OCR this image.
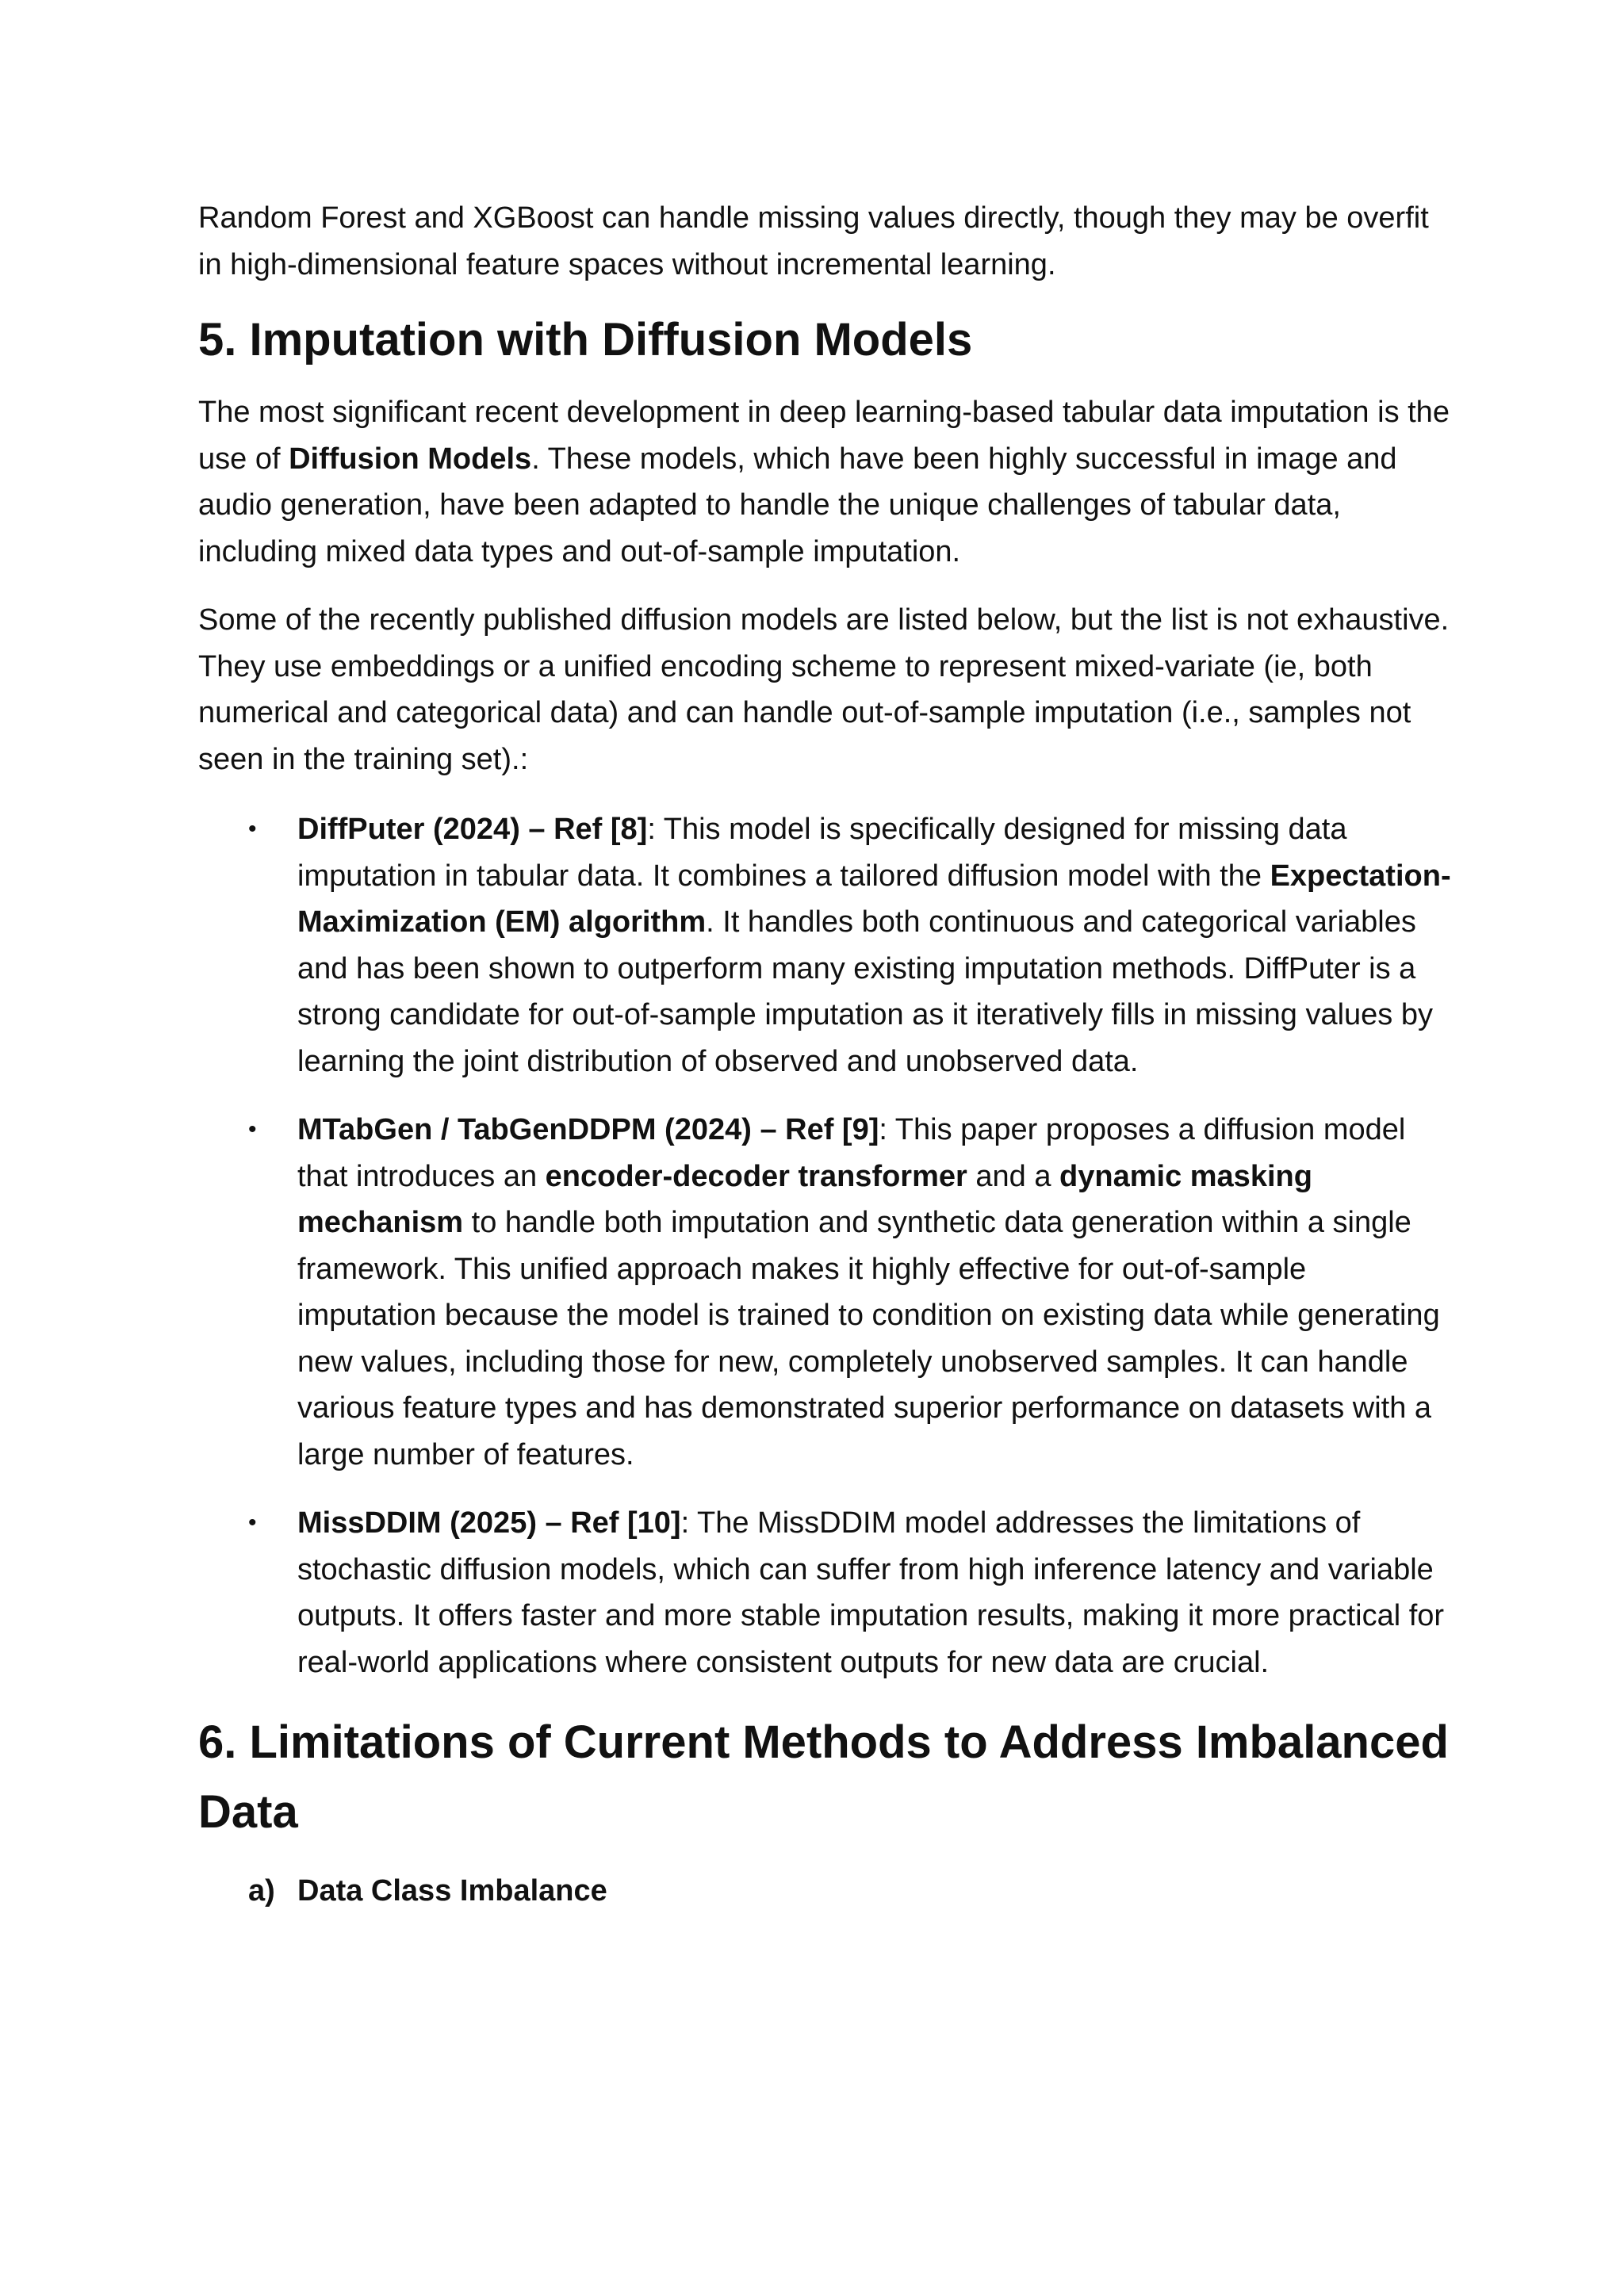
Random Forest and XGBoost can handle missing values directly, though they may be overfit in high-dimensional feature spaces without incremental learning.

5. Imputation with Diffusion Models

The most significant recent development in deep learning-based tabular data imputation is the use of Diffusion Models. These models, which have been highly successful in image and audio generation, have been adapted to handle the unique challenges of tabular data, including mixed data types and out-of-sample imputation.

Some of the recently published diffusion models are listed below, but the list is not exhaustive. They use embeddings or a unified encoding scheme to represent mixed-variate (ie, both numerical and categorical data) and can handle out-of-sample imputation (i.e., samples not seen in the training set).:

• DiffPuter (2024) – Ref [8]: This model is specifically designed for missing data imputation in tabular data. It combines a tailored diffusion model with the Expectation-Maximization (EM) algorithm. It handles both continuous and categorical variables and has been shown to outperform many existing imputation methods. DiffPuter is a strong candidate for out-of-sample imputation as it iteratively fills in missing values by learning the joint distribution of observed and unobserved data.
• MTabGen / TabGenDDPM (2024) – Ref [9]: This paper proposes a diffusion model that introduces an encoder-decoder transformer and a dynamic masking mechanism to handle both imputation and synthetic data generation within a single framework. This unified approach makes it highly effective for out-of-sample imputation because the model is trained to condition on existing data while generating new values, including those for new, completely unobserved samples. It can handle various feature types and has demonstrated superior performance on datasets with a large number of features.
• MissDDIM (2025) – Ref [10]: The MissDDIM model addresses the limitations of stochastic diffusion models, which can suffer from high inference latency and variable outputs. It offers faster and more stable imputation results, making it more practical for real-world applications where consistent outputs for new data are crucial.
6. Limitations of Current Methods to Address Imbalanced Data
a) Data Class Imbalance
